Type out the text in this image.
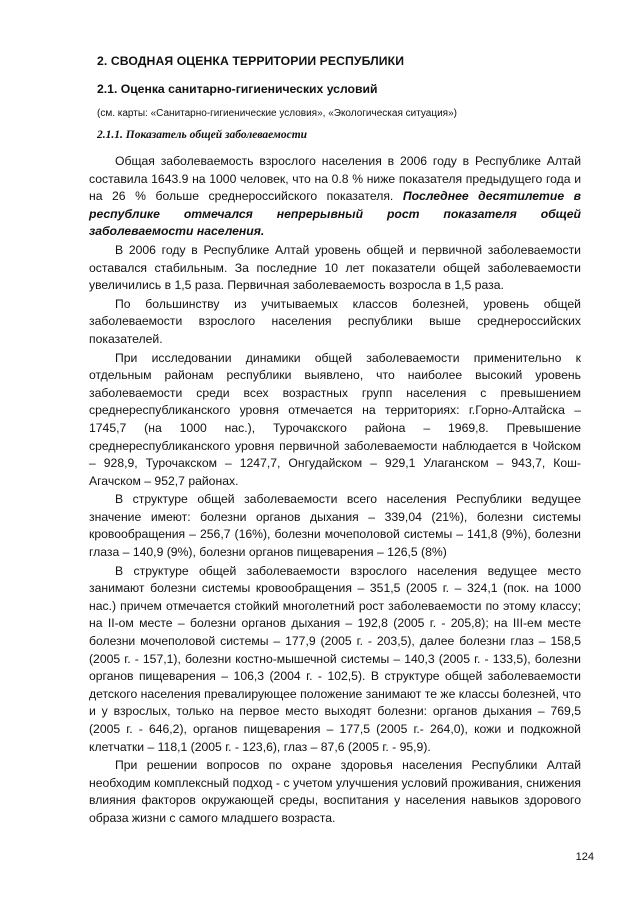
2. СВОДНАЯ ОЦЕНКА ТЕРРИТОРИИ РЕСПУБЛИКИ
2.1. Оценка санитарно-гигиенических условий
(см. карты: «Санитарно-гигиенические условия», «Экологическая ситуация»)
2.1.1. Показатель общей заболеваемости

Общая заболеваемость взрослого населения в 2006 году в Республике Алтай составила 1643.9 на 1000 человек, что на 0.8 % ниже показателя предыдущего года и на 26 % больше среднероссийского показателя. Последнее десятилетие в республике отмечался непрерывный рост показателя общей заболеваемости населения.

В 2006 году в Республике Алтай уровень общей и первичной заболеваемости оставался стабильным. За последние 10 лет показатели общей заболеваемости увеличились в 1,5 раза. Первичная заболеваемость возросла в 1,5 раза.

По большинству из учитываемых классов болезней, уровень общей заболеваемости взрослого населения республики выше среднероссийских показателей.

При исследовании динамики общей заболеваемости применительно к отдельным районам республики выявлено, что наиболее высокий уровень заболеваемости среди всех возрастных групп населения с превышением среднереспубликанского уровня отмечается на территориях: г.Горно-Алтайска – 1745,7 (на 1000 нас.), Турочакского района – 1969,8. Превышение среднереспубликанского уровня первичной заболеваемости наблюдается в Чойском – 928,9, Турочакском – 1247,7, Онгудайском – 929,1 Улаганском – 943,7, Кош-Агачском – 952,7 районах.

В структуре общей заболеваемости всего населения Республики ведущее значение имеют: болезни органов дыхания – 339,04 (21%), болезни системы кровообращения – 256,7 (16%), болезни мочеполовой системы – 141,8 (9%), болезни глаза – 140,9 (9%), болезни органов пищеварения – 126,5 (8%)

В структуре общей заболеваемости взрослого населения ведущее место занимают болезни системы кровообращения – 351,5 (2005 г. – 324,1 (пок. на 1000 нас.) причем отмечается стойкий многолетний рост заболеваемости по этому классу; на II-ом месте – болезни органов дыхания – 192,8 (2005 г. - 205,8); на III-ем месте болезни мочеполовой системы – 177,9 (2005 г. - 203,5), далее болезни глаз – 158,5 (2005 г. - 157,1), болезни костно-мышечной системы – 140,3 (2005 г. - 133,5), болезни органов пищеварения – 106,3 (2004 г. - 102,5). В структуре общей заболеваемости детского населения превалирующее положение занимают те же классы болезней, что и у взрослых, только на первое место выходят болезни: органов дыхания – 769,5 (2005 г. - 646,2), органов пищеварения – 177,5 (2005 г.- 264,0), кожи и подкожной клетчатки – 118,1 (2005 г. - 123,6), глаз – 87,6 (2005 г. - 95,9).

При решении вопросов по охране здоровья населения Республики Алтай необходим комплексный подход - с учетом улучшения условий проживания, снижения влияния факторов окружающей среды, воспитания у населения навыков здорового образа жизни с самого младшего возраста.

124
